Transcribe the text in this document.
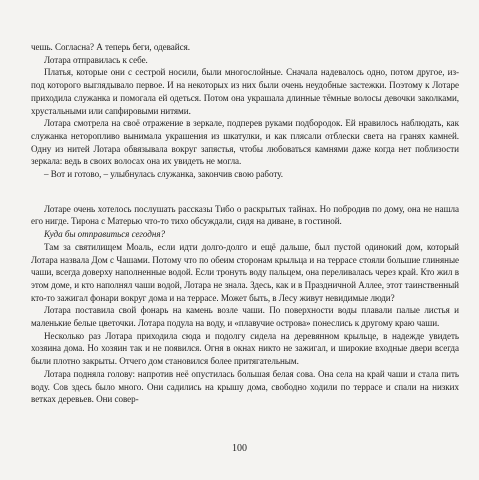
чешь. Согласна? А теперь беги, одевайся.

Лотара отправилась к себе.

Платья, которые они с сестрой носили, были многослойные. Сначала надевалось одно, потом другое, из-под которого выглядывало первое. И на некоторых из них были очень неудобные застежки. Поэтому к Лотаре приходила служанка и помогала ей одеться. Потом она украшала длинные тёмные волосы девочки заколками, хрустальными или сапфировыми нитями.

Лотара смотрела на своё отражение в зеркале, подперев руками подбородок. Ей нравилось наблюдать, как служанка неторопливо вынимала украшения из шкатулки, и как плясали отблески света на гранях камней. Одну из нитей Лотара обвязывала вокруг запястья, чтобы любоваться камнями даже когда нет поблизости зеркала: ведь в своих волосах она их увидеть не могла.

– Вот и готово, – улыбнулась служанка, закончив свою работу.

Лотаре очень хотелось послушать рассказы Тибо о раскрытых тайнах. Но побродив по дому, она не нашла его нигде. Тирона с Матерью что-то тихо обсуждали, сидя на диване, в гостиной.

Куда бы отправиться сегодня?

Там за святилищем Моаль, если идти долго-долго и ещё дальше, был пустой одинокий дом, который Лотара назвала Дом с Чашами. Потому что по обеим сторонам крыльца и на террасе стояли большие глиняные чаши, всегда доверху наполненные водой. Если тронуть воду пальцем, она переливалась через край. Кто жил в этом доме, и кто наполнял чаши водой, Лотара не знала. Здесь, как и в Праздничной Аллее, этот таинственный кто-то зажигал фонари вокруг дома и на террасе. Может быть, в Лесу живут невидимые люди?

Лотара поставила свой фонарь на камень возле чаши. По поверхности воды плавали палые листья и маленькие белые цветочки. Лотара подула на воду, и «плавучие острова» понеслись к другому краю чаши.

Несколько раз Лотара приходила сюда и подолгу сидела на деревянном крыльце, в надежде увидеть хозяина дома. Но хозяин так и не появился. Огня в окнах никто не зажигал, и широкие входные двери всегда были плотно закрыты. Отчего дом становился более притягательным.

Лотара подняла голову: напротив неё опустилась большая белая сова. Она села на край чаши и стала пить воду. Сов здесь было много. Они садились на крышу дома, свободно ходили по террасе и спали на низких ветках деревьев. Они совер-

100
